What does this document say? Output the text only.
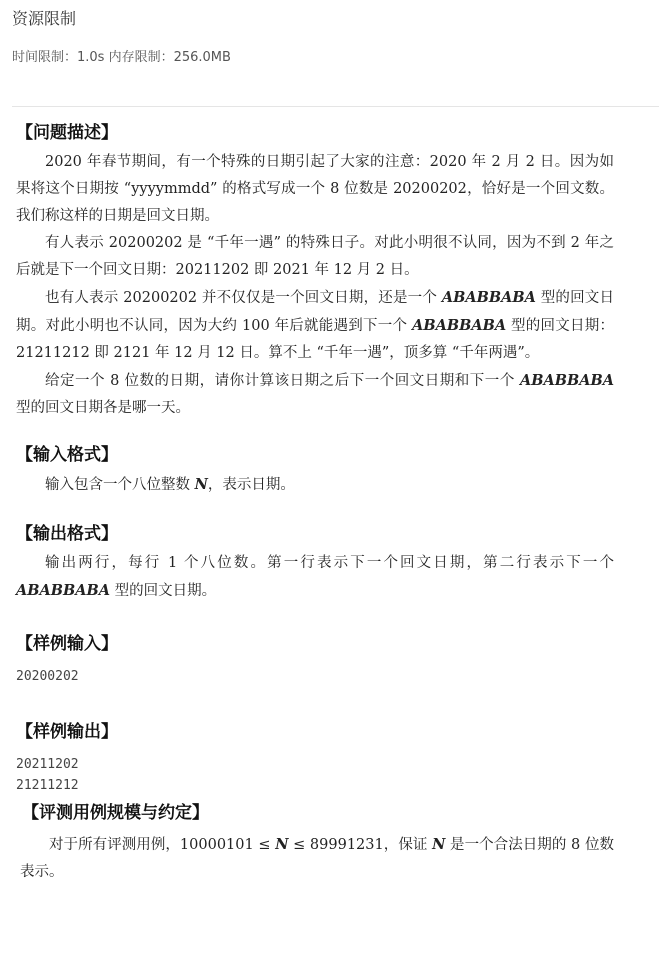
资源限制
时间限制：1.0s 内存限制：256.0MB
【问题描述】

2020 年春节期间，有一个特殊的日期引起了大家的注意：2020 年 2 月 2 日。因为如果将这个日期按 “yyyymmdd” 的格式写成一个 8 位数是 20200202，恰好是一个回文数。我们称这样的日期是回文日期。

有人表示 20200202 是 “千年一遇” 的特殊日子。对此小明很不认同，因为不到 2 年之后就是下一个回文日期：20211202 即 2021 年 12 月 2 日。

也有人表示 20200202 并不仅仅是一个回文日期，还是一个 ABABBABA 型的回文日期。对此小明也不认同，因为大约 100 年后就能遇到下一个 ABABBABA 型的回文日期：21211212 即 2121 年 12 月 12 日。算不上 “千年一遇”，顶多算 “千年两遇”。

给定一个 8 位数的日期，请你计算该日期之后下一个回文日期和下一个 ABABBABA 型的回文日期各是哪一天。

【输入格式】

输入包含一个八位整数 N，表示日期。

【输出格式】

输出两行，每行 1 个八位数。第一行表示下一个回文日期，第二行表示下一个 ABABBABA 型的回文日期。

【样例输入】
20200202
【样例输出】
20211202
21211212
【评测用例规模与约定】

对于所有评测用例，10000101 ≤ N ≤ 89991231，保证 N 是一个合法日期的 8 位数表示。
